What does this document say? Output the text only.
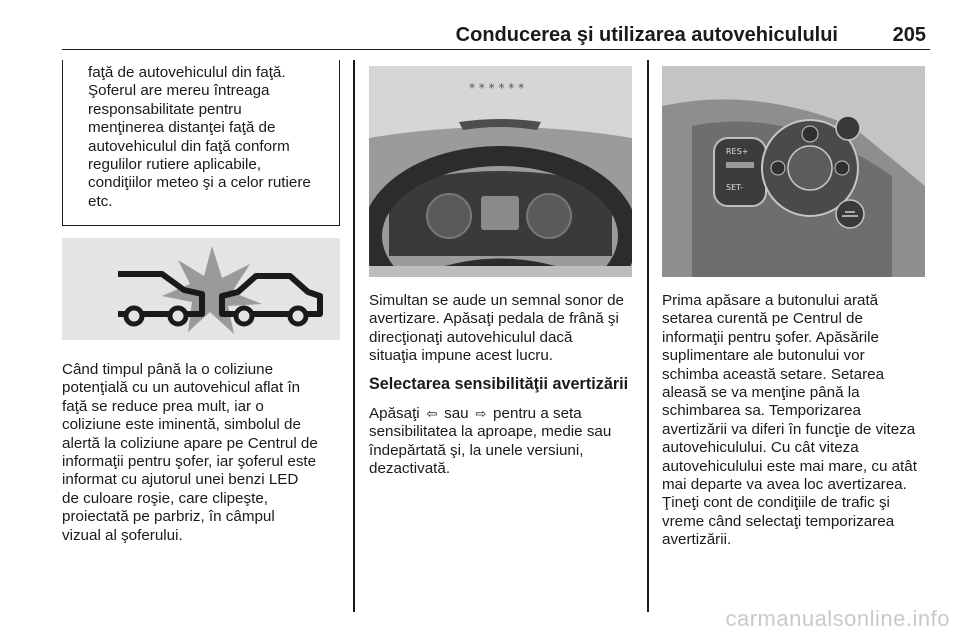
Conducerea şi utilizarea autovehiculului	205
faţă de autovehiculul din faţă.
Şoferul are mereu întreaga
responsabilitate pentru
menţinerea distanţei faţă de
autovehiculul din faţă conform
regulilor rutiere aplicabile,
condiţiilor meteo şi a celor rutiere
etc.
Când timpul până la o coliziune
potenţială cu un autovehicul aflat în
faţă se reduce prea mult, iar o
coliziune este iminentă, simbolul de
alertă la coliziune apare pe Centrul de
informaţii pentru şofer, iar şoferul este
informat cu ajutorul unei benzi LED
de culoare roşie, care clipeşte,
proiectată pe parbriz, în câmpul
vizual al şoferului.
* * * * * *
Simultan se aude un semnal sonor de
avertizare. Apăsaţi pedala de frână şi
direcţionaţi autovehiculul dacă
situaţia impune acest lucru.
Selectarea sensibilităţii avertizării
Apăsaţi ⇦ sau ⇨ pentru a seta
sensibilitatea la aproape, medie sau
îndepărtată şi, la unele versiuni,
dezactivată.
RES+
SET-
Prima apăsare a butonului arată
setarea curentă pe Centrul de
informaţii pentru şofer. Apăsările
suplimentare ale butonului vor
schimba această setare. Setarea
aleasă se va menţine până la
schimbarea sa. Temporizarea
avertizării va diferi în funcţie de viteza
autovehiculului. Cu cât viteza
autovehiculului este mai mare, cu atât
mai departe va avea loc avertizarea.
Ţineţi cont de condiţiile de trafic şi
vreme când selectaţi temporizarea
avertizării.
carmanualsonline.info
